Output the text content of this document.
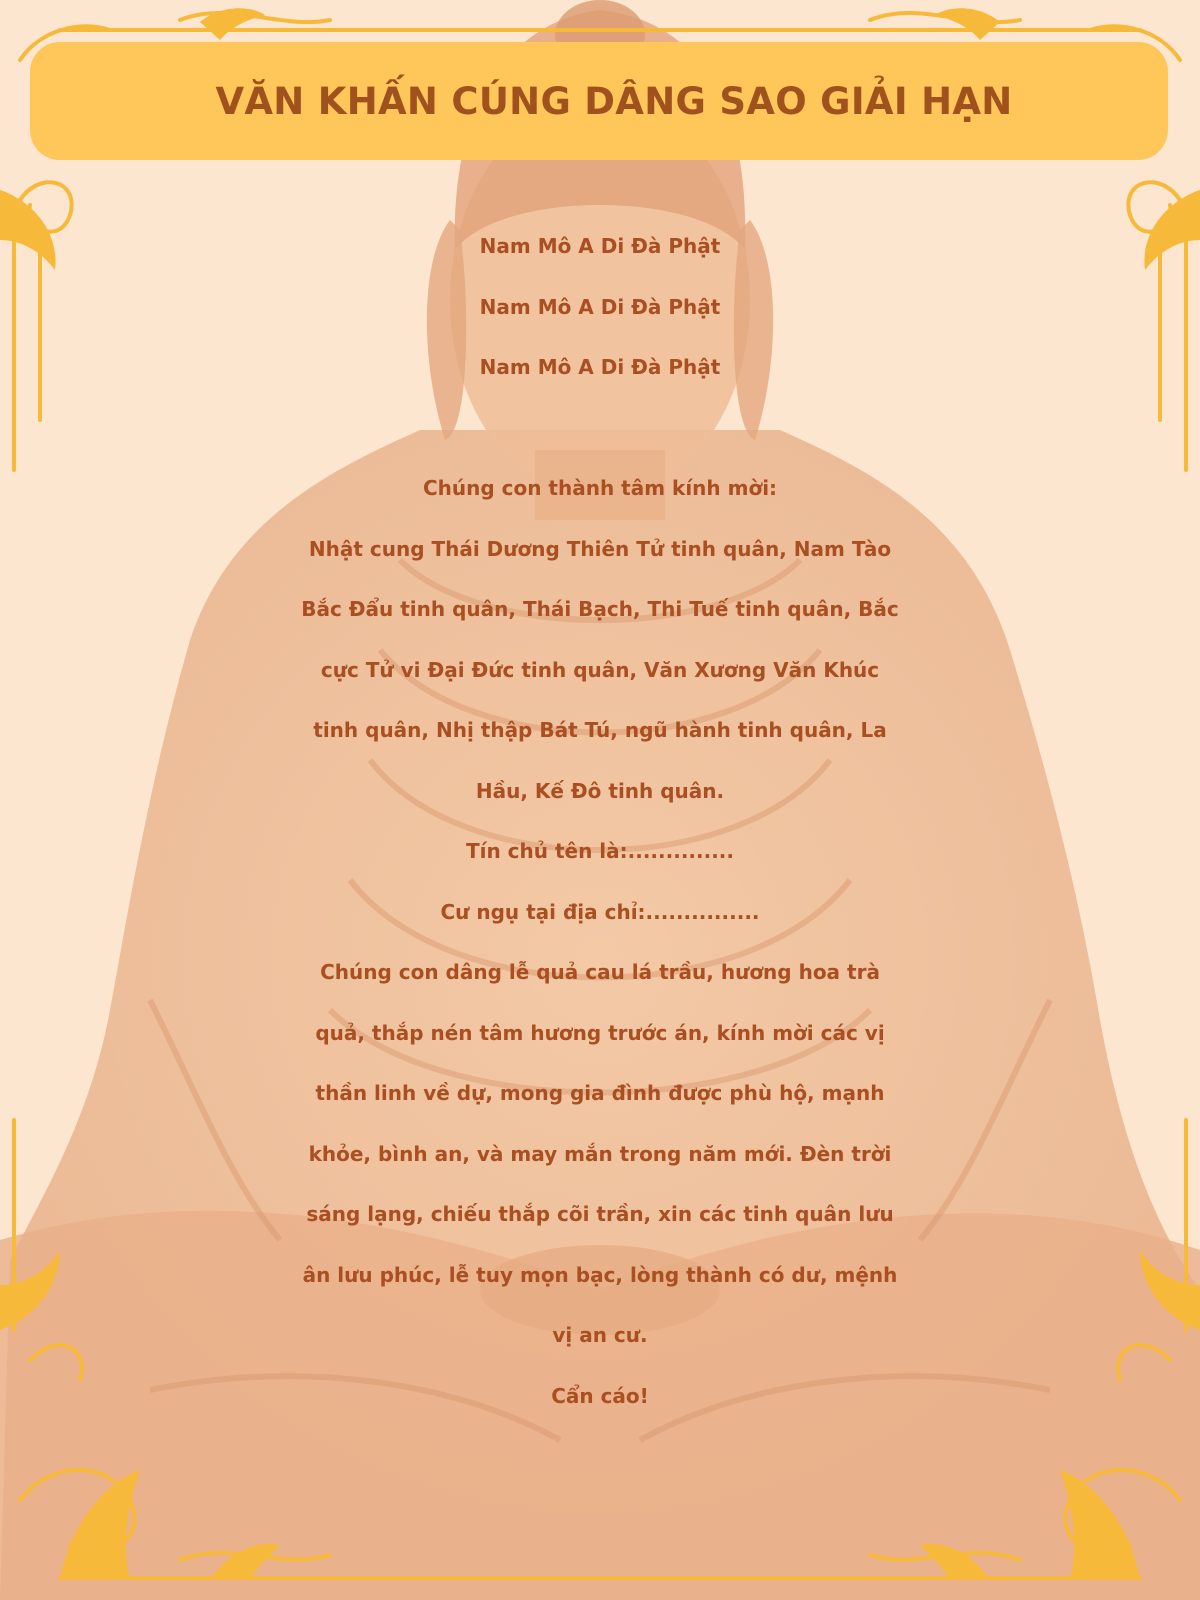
VĂN KHẤN CÚNG DÂNG SAO GIẢI HẠN
Nam Mô A Di Đà Phật
Nam Mô A Di Đà Phật
Nam Mô A Di Đà Phật
Chúng con thành tâm kính mời:
Nhật cung Thái Dương Thiên Tử tinh quân, Nam Tào
Bắc Đẩu tinh quân, Thái Bạch, Thi Tuế tinh quân, Bắc
cực Tử vi Đại Đức tinh quân, Văn Xương Văn Khúc
tinh quân, Nhị thập Bát Tú, ngũ hành tinh quân, La
Hầu, Kế Đô tinh quân.
Tín chủ tên là:..............
Cư ngụ tại địa chỉ:...............
Chúng con dâng lễ quả cau lá trầu, hương hoa trà
quả, thắp nén tâm hương trước án, kính mời các vị
thần linh về dự, mong gia đình được phù hộ, mạnh
khỏe, bình an, và may mắn trong năm mới. Đèn trời
sáng lạng, chiếu thắp cõi trần, xin các tinh quân lưu
ân lưu phúc, lễ tuy mọn bạc, lòng thành có dư, mệnh
vị an cư.
Cẩn cáo!
